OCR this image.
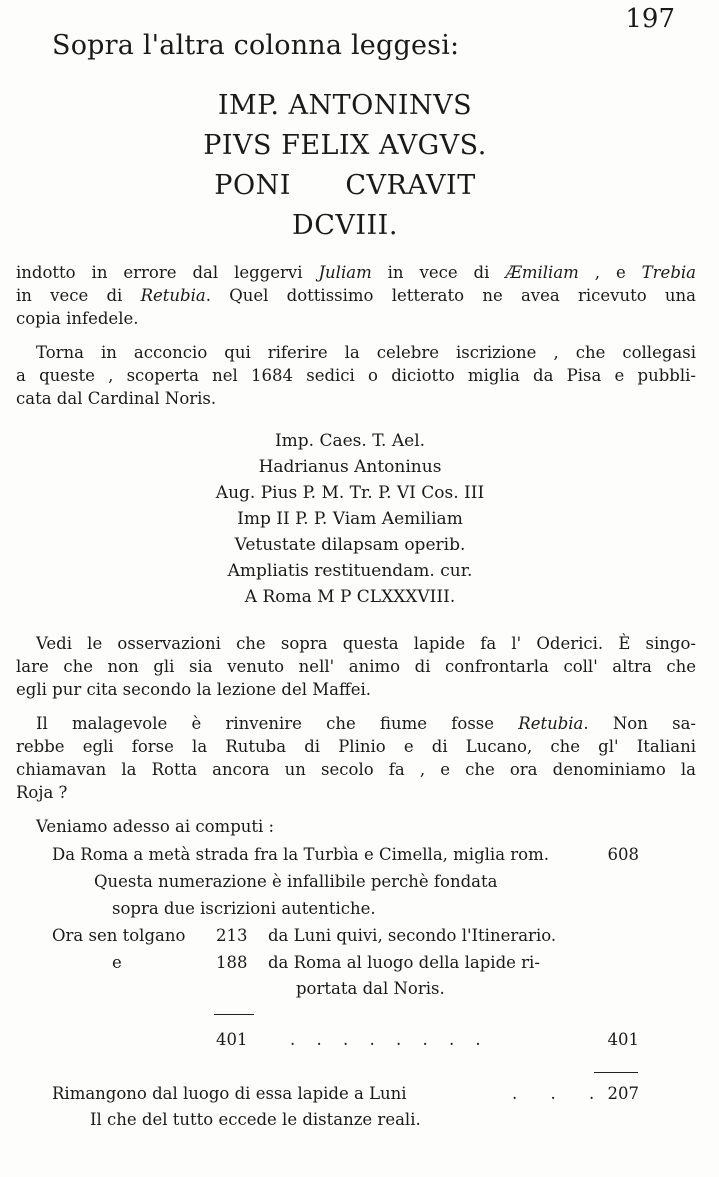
197
Sopra l'altra colonna leggesi:
IMP. ANTONINVS
PIVS FELIX AVGVS.
PONI      CVRAVIT
DCVIII.
indotto in errore dal leggervi Juliam in vece di Æmiliam , e Trebia
in vece di Retubia. Quel dottissimo letterato ne avea ricevuto una
copia infedele.
Torna in acconcio qui riferire la celebre iscrizione , che collegasi
a queste , scoperta nel 1684 sedici o diciotto miglia da Pisa e pubbli-
cata dal Cardinal Noris.
Imp. Caes. T. Ael.
Hadrianus Antoninus
Aug. Pius P. M. Tr. P. VI Cos. III
Imp II P. P. Viam Aemiliam
Vetustate dilapsam operib.
Ampliatis restituendam. cur.
A Roma M P CLXXXVIII.
Vedi le osservazioni che sopra questa lapide fa l' Oderici. È singo-
lare che non gli sia venuto nell' animo di confrontarla coll' altra che
egli pur cita secondo la lezione del Maffei.
Il malagevole è rinvenire che fiume fosse Retubia. Non sa-
rebbe egli forse la Rutuba di Plinio e di Lucano, che gl' Italiani
chiamavan la Rotta ancora un secolo fa , e che ora denominiamo la
Roja ?
Veniamo adesso ai computi :
Da Roma a metà strada fra la Turbìa e Cimella, miglia rom.	608
Questa numerazione è infallibile perchè fondata
sopra due iscrizioni autentiche.
Ora sen tolgano 213 da Luni quivi, secondo l'Itinerario.
e	188 da Roma al luogo della lapide ri-
portata dal Noris.
401	. . . . . . . .	401
Rimangono dal luogo di essa lapide a Luni	. . . 207
Il che del tutto eccede le distanze reali.
